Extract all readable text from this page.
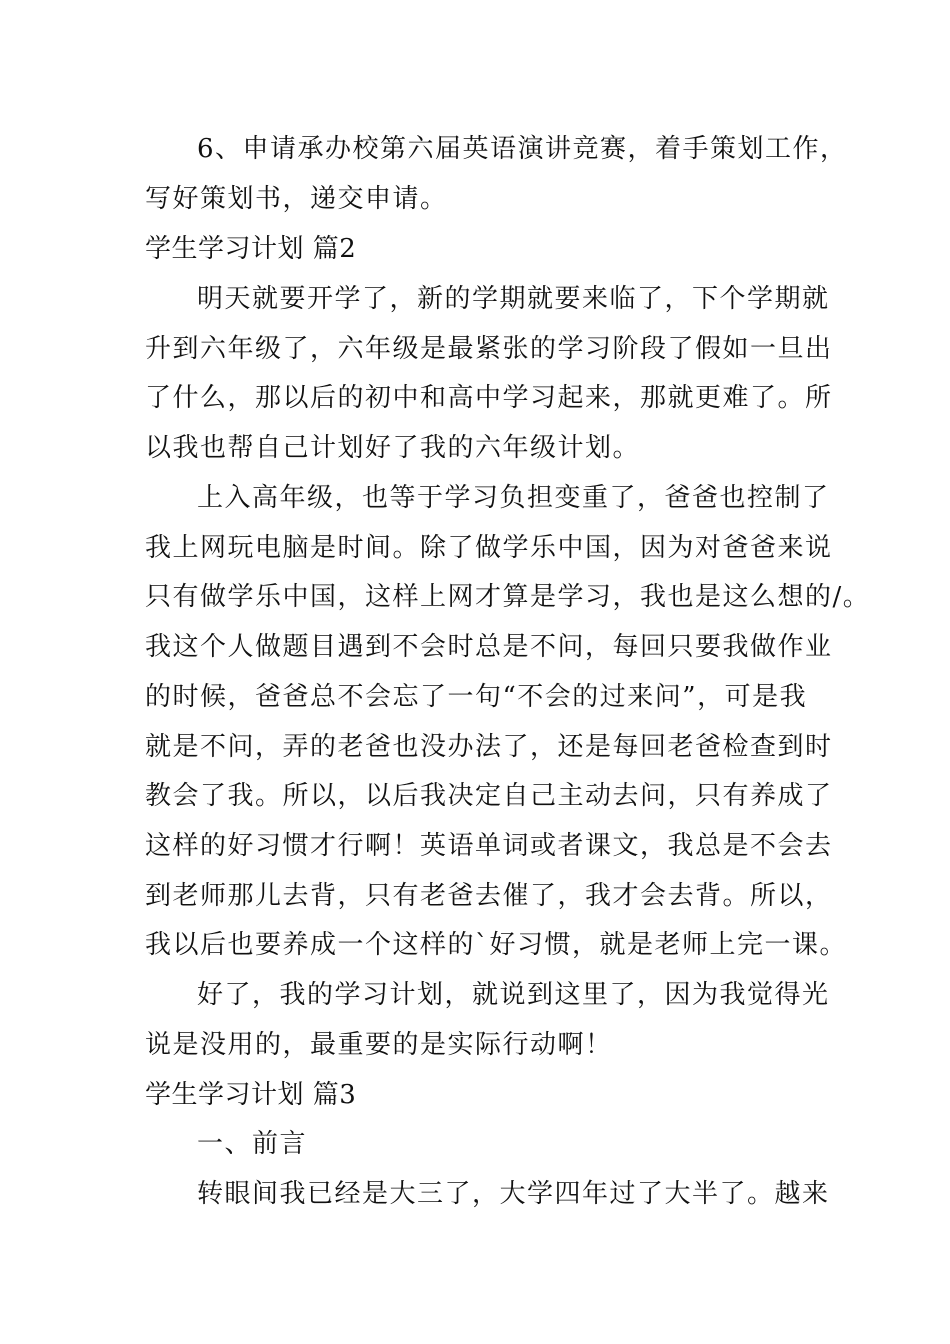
6、申请承办校第六届英语演讲竞赛，着手策划工作，
写好策划书，递交申请。
学生学习计划 篇2
明天就要开学了，新的学期就要来临了，下个学期就
升到六年级了，六年级是最紧张的学习阶段了假如一旦出
了什么，那以后的初中和高中学习起来，那就更难了。所
以我也帮自己计划好了我的六年级计划。
上入高年级，也等于学习负担变重了，爸爸也控制了
我上网玩电脑是时间。除了做学乐中国，因为对爸爸来说
只有做学乐中国，这样上网才算是学习，我也是这么想的/。
我这个人做题目遇到不会时总是不问，每回只要我做作业
的时候，爸爸总不会忘了一句“不会的过来问”，可是我
就是不问，弄的老爸也没办法了，还是每回老爸检查到时
教会了我。所以，以后我决定自己主动去问，只有养成了
这样的好习惯才行啊！英语单词或者课文，我总是不会去
到老师那儿去背，只有老爸去催了，我才会去背。所以，
我以后也要养成一个这样的`好习惯，就是老师上完一课。
好了，我的学习计划，就说到这里了，因为我觉得光
说是没用的，最重要的是实际行动啊！
学生学习计划 篇3
一、前言
转眼间我已经是大三了，大学四年过了大半了。越来
